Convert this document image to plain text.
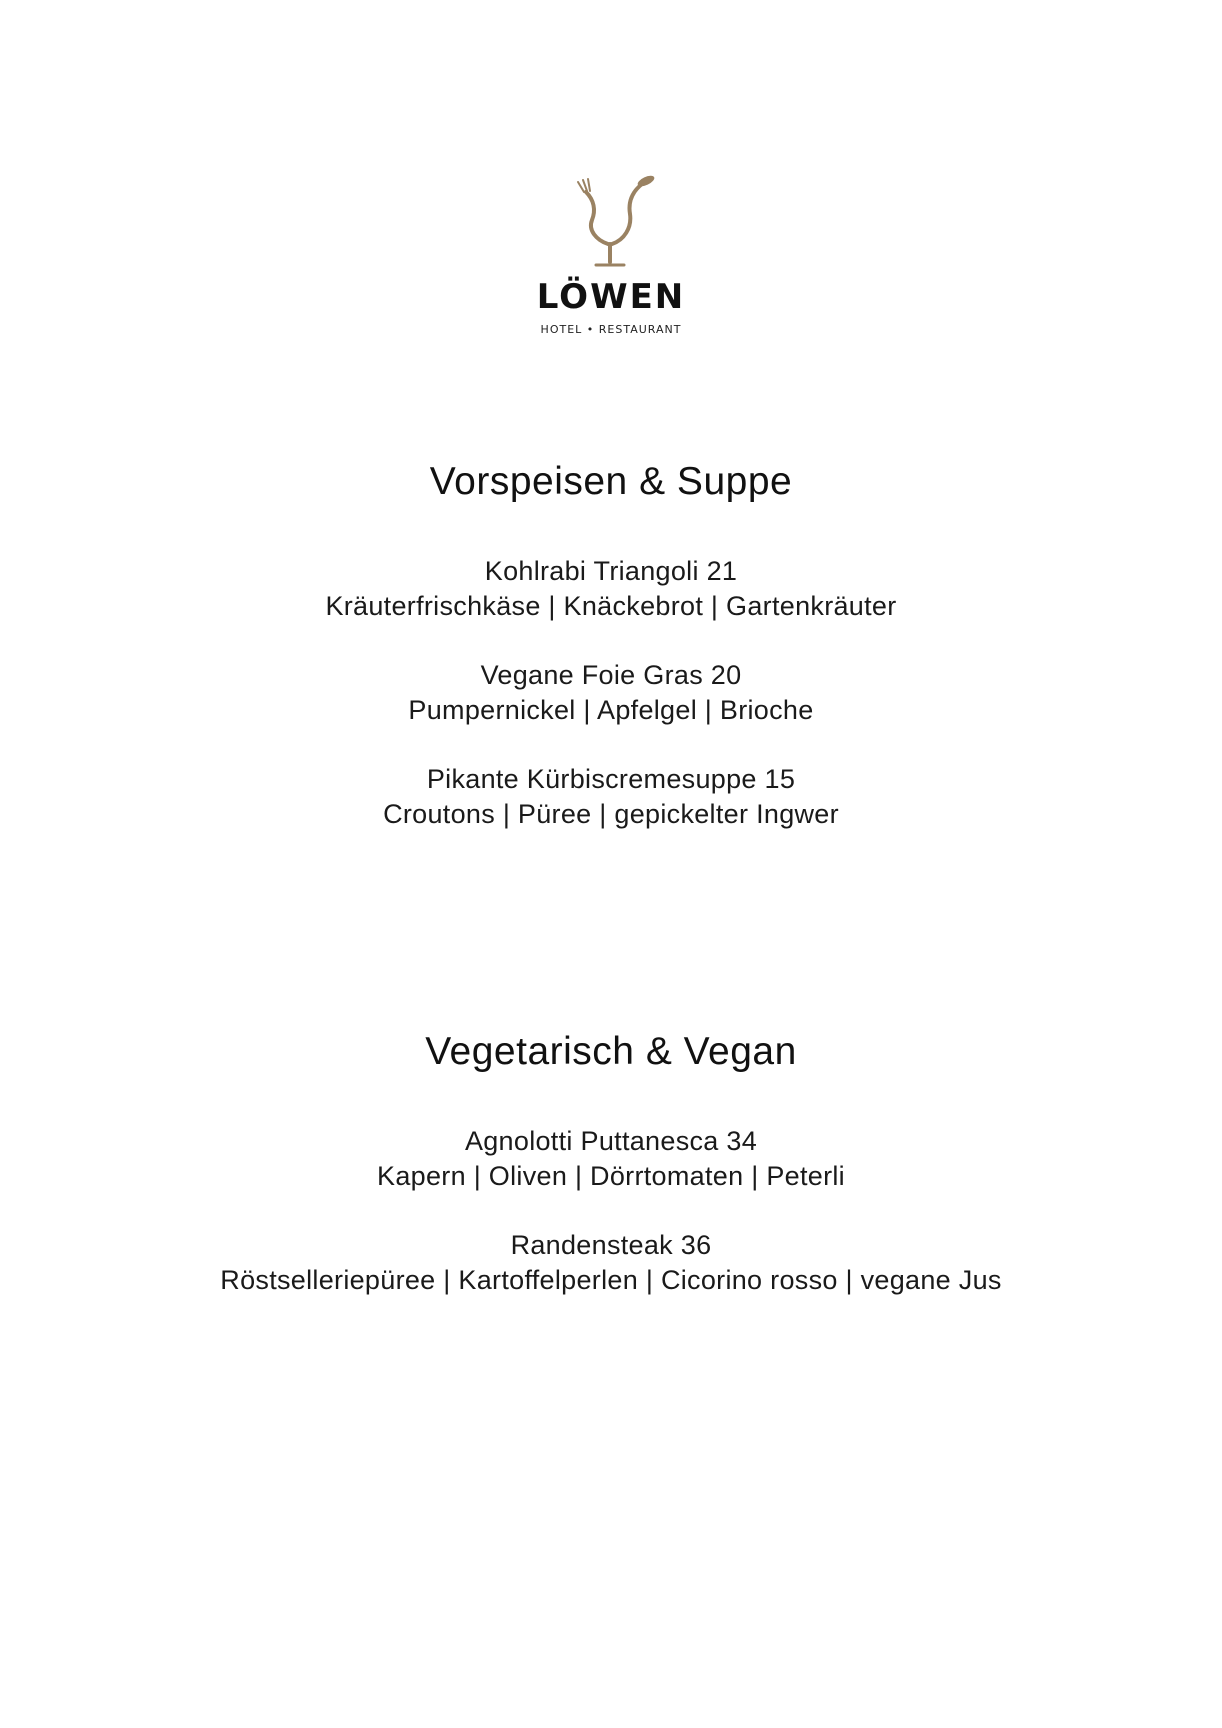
LÖWEN
HOTEL • RESTAURANT
Vorspeisen & Suppe
Kohlrabi Triangoli 21
Kräuterfrischkäse | Knäckebrot | Gartenkräuter
Vegane Foie Gras 20
Pumpernickel | Apfelgel | Brioche
Pikante Kürbiscremesuppe 15
Croutons | Püree | gepickelter Ingwer
Vegetarisch & Vegan
Agnolotti Puttanesca 34
Kapern | Oliven | Dörrtomaten | Peterli
Randensteak 36
Röstselleriepüree | Kartoffelperlen | Cicorino rosso | vegane Jus
